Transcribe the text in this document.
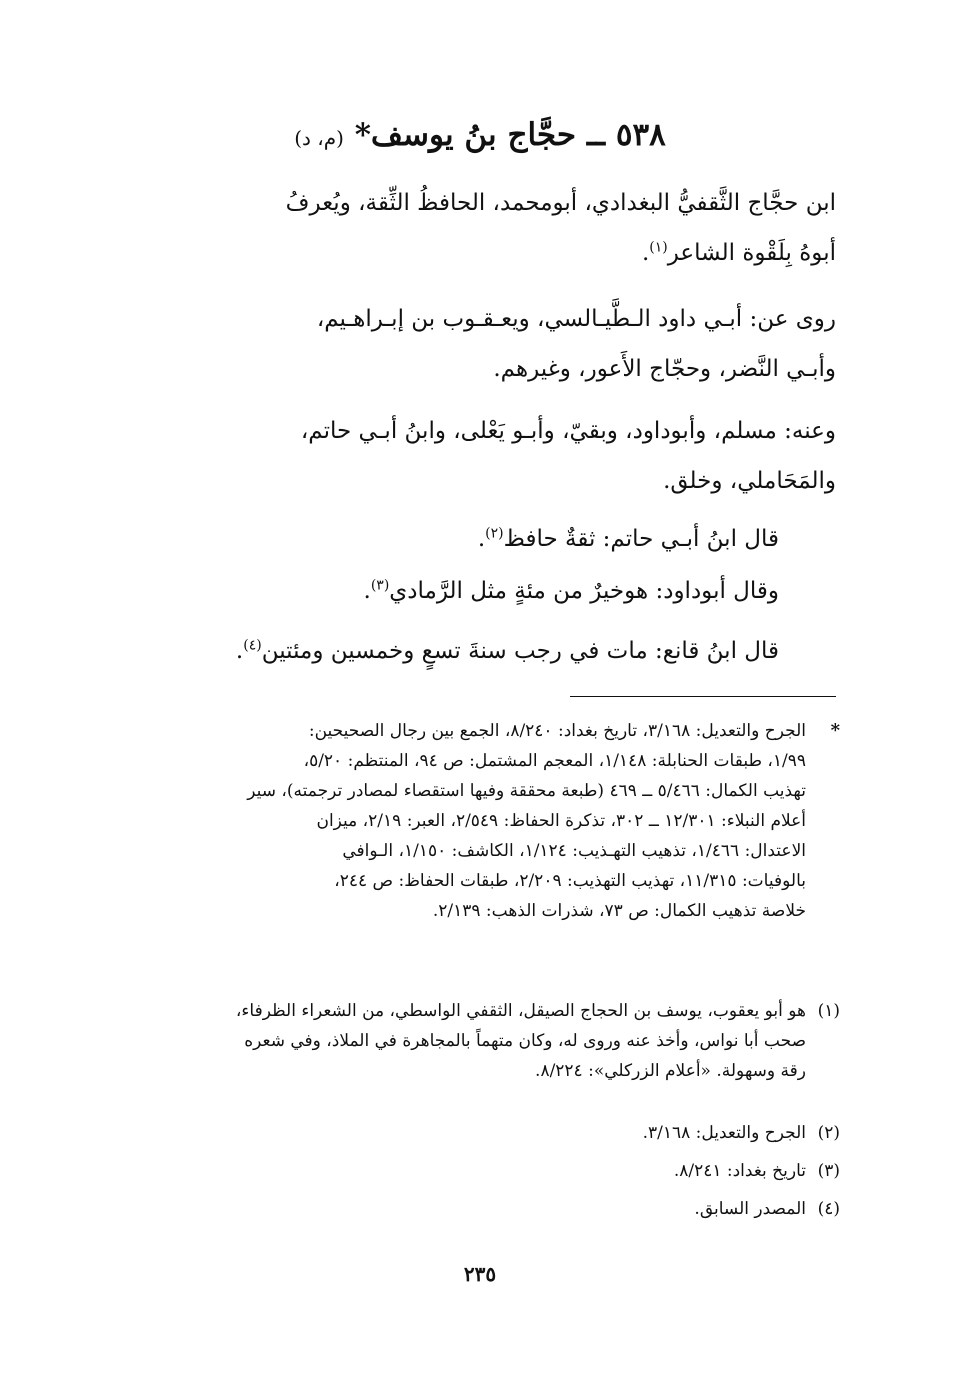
٥٣٨ ــ حجَّاج بنُ يوسف* (م، د)
ابن حجَّاج الثَّقفيُّ البغدادي، أبومحمد، الحافظُ الثِّقة، ويُعرفُ
أبوهُ بِلَقْوة الشاعر$^{(١)}$.
روى عن: أبـي داود الـطَّيـالسي، ويعـقـوب بن إبـراهـيم،
وأبـي النَّضر، وحجّاج الأَعور، وغيرهم.
وعنه: مسلم، وأبوداود، وبقيّ، وأبـو يَعْلى، وابنُ أبـي حاتم،
والمَحَاملي، وخلق.
قال ابنُ أبـي حاتم: ثقةٌ حافظ$^{(٢)}$.
وقال أبوداود: هوخيرٌ من مئةٍ مثل الرَّمادي$^{(٣)}$.
قال ابنُ قانع: مات في رجب سنةَ تسعٍ وخمسين ومئتين$^{(٤)}$.
*
الجرح والتعديل: ٣/١٦٨، تاريخ بغداد: ٨/٢٤٠، الجمع بين رجال الصحيحين:
١/٩٩، طبقات الحنابلة: ١/١٤٨، المعجم المشتمل: ص ٩٤، المنتظم: ٥/٢٠،
تهذيب الكمال: ٥/٤٦٦ ــ ٤٦٩ (طبعة محققة وفيها استقصاء لمصادر ترجمته)، سير
أعلام النبلاء: ١٢/٣٠١ ــ ٣٠٢، تذكرة الحفاظ: ٢/٥٤٩، العبر: ٢/١٩، ميزان
الاعتدال: ١/٤٦٦، تذهيب التهـذيب: ١/١٢٤، الكاشف: ١/١٥٠، الـوافي
بالوفيات: ١١/٣١٥، تهذيب التهذيب: ٢/٢٠٩، طبقات الحفاظ: ص ٢٤٤،
خلاصة تذهيب الكمال: ص ٧٣، شذرات الذهب: ٢/١٣٩.
(١)
هو أبو يعقوب، يوسف بن الحجاج الصيقل، الثقفي الواسطي، من الشعراء الظرفاء،
صحب أبا نواس، وأخذ عنه وروى له، وكان متهماً بالمجاهرة في الملاذ، وفي شعره
رقة وسهولة. «أعلام الزركلي»: ٨/٢٢٤.
(٢)
الجرح والتعديل: ٣/١٦٨.
(٣)
تاريخ بغداد: ٨/٢٤١.
(٤)
المصدر السابق.
٢٣٥
